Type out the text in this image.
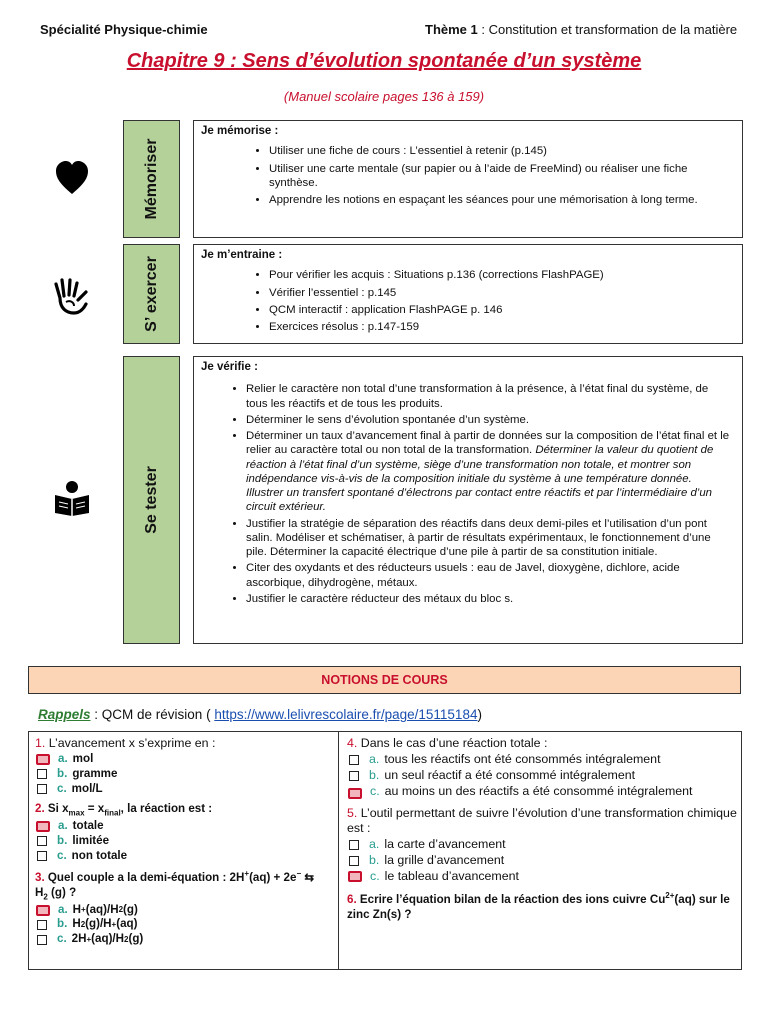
Spécialité Physique-chimie	Thème 1 : Constitution et transformation de la matière
Chapitre 9 : Sens d’évolution spontanée d’un système
(Manuel scolaire pages 136 à 159)
Mémoriser
Je mémorise :
• Utiliser une fiche de cours : L’essentiel à retenir (p.145)
• Utiliser une carte mentale (sur papier ou à l’aide de FreeMind) ou réaliser une fiche synthèse.
• Apprendre les notions en espaçant les séances pour une mémorisation à long terme.
S’ exercer
Je m’entraine :
• Pour vérifier les acquis : Situations p.136 (corrections FlashPAGE)
• Vérifier l’essentiel : p.145
• QCM interactif : application FlashPAGE p. 146
• Exercices résolus : p.147-159
Se tester
Je vérifie :
• Relier le caractère non total d’une transformation à la présence, à l’état final du système, de tous les réactifs et de tous les produits.
• Déterminer le sens d’évolution spontanée d’un système.
• Déterminer un taux d’avancement final à partir de données sur la composition de l’état final et le relier au caractère total ou non total de la transformation. Déterminer la valeur du quotient de réaction à l’état final d’un système, siège d’une transformation non totale, et montrer son indépendance vis-à-vis de la composition initiale du système à une température donnée.
Illustrer un transfert spontané d’électrons par contact entre réactifs et par l’intermédiaire d’un circuit extérieur.
• Justifier la stratégie de séparation des réactifs dans deux demi-piles et l’utilisation d’un pont salin. Modéliser et schématiser, à partir de résultats expérimentaux, le fonctionnement d’une pile. Déterminer la capacité électrique d’une pile à partir de sa constitution initiale.
• Citer des oxydants et des réducteurs usuels : eau de Javel, dioxygène, dichlore, acide ascorbique, dihydrogène, métaux.
• Justifier le caractère réducteur des métaux du bloc s.
NOTIONS DE COURS
Rappels : QCM de révision ( https://www.lelivrescolaire.fr/page/15115184)
1. L’avancement x s’exprime en :
a. mol
b. gramme
c. mol/L
2. Si $x_{max} = x_{final}$, la réaction est :
a. totale
b. limitée
c. non totale
3. Quel couple a la demi-équation : 2H+(aq) + 2e− ⇆
$H_2$ (g) ?
a. H + (aq)/H 2 (g)
b. H 2 (g)/H + (aq)
c. 2H + (aq)/H 2 (g)
4. Dans le cas d’une réaction totale :
a. tous les réactifs ont été consommés intégralement
b. un seul réactif a été consommé intégralement
c. au moins un des réactifs a été consommé intégralement
5. L’outil permettant de suivre l’évolution d’une transformation chimique est :
a. la carte d’avancement
b. la grille d’avancement
c. le tableau d’avancement
6. Ecrire l’équation bilan de la réaction des ions cuivre $Cu^{2+}(aq)$ sur le zinc Zn(s) ?
